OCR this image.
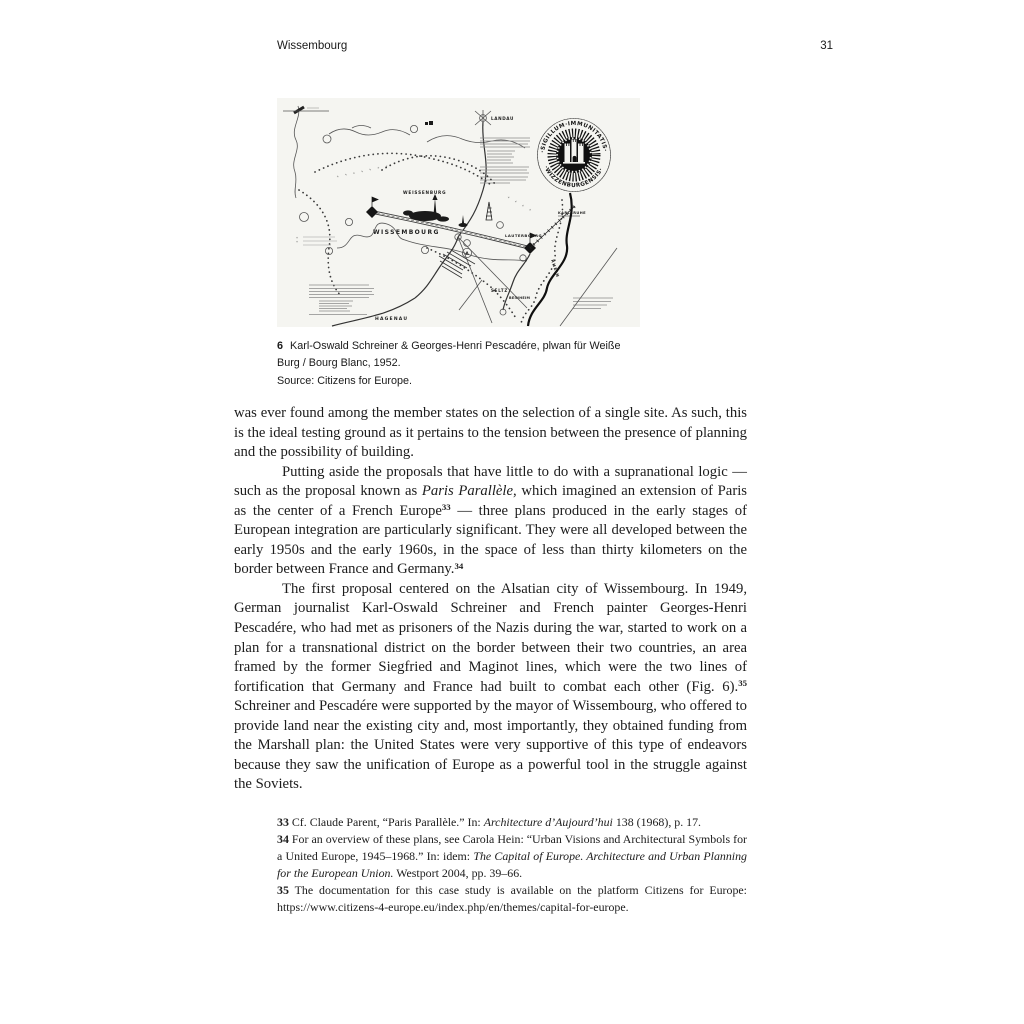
Wissembourg	31
LANDAU
+ + + + + + +
+ + + +
WEISSENBURG
WISSEMBOURG	LAUTERBOURG
A
KARLSRUHE
RHEIN
SELTZ
BEINHEIM
HAGENAU
+
+
·SIGILLUM·IMMUNITATIS·
·WIZZENBURGENSIS·
6 Karl-Oswald Schreiner & Georges-Henri Pescadére, plwan für Weiße
Burg / Bourg Blanc, 1952.
Source: Citizens for Europe.

was ever found among the member states on the selection of a single site. As such, this is the ideal testing ground as it pertains to the tension between the presence of planning and the possibility of building.

Putting aside the proposals that have little to do with a supranational logic — such as the proposal known as Paris Parallèle, which imagined an extension of Paris as the center of a French Europe$^{33}$ — three plans produced in the early stages of European integration are particularly significant. They were all developed between the early 1950s and the early 1960s, in the space of less than thirty kilometers on the border between France and Germany.$^{34}$

The first proposal centered on the Alsatian city of Wissembourg. In 1949, German journalist Karl-Oswald Schreiner and French painter Georges-Henri Pescadére, who had met as prisoners of the Nazis during the war, started to work on a plan for a transnational district on the border between their two countries, an area framed by the former Siegfried and Maginot lines, which were the two lines of fortification that Germany and France had built to combat each other (Fig. 6).$^{35}$ Schreiner and Pescadére were supported by the mayor of Wissembourg, who offered to provide land near the existing city and, most importantly, they obtained funding from the Marshall plan: the United States were very supportive of this type of endeavors because they saw the unification of Europe as a powerful tool in the struggle against the Soviets.

33 Cf. Claude Parent, “Paris Parallèle.” In: Architecture d’Aujourd’hui 138 (1968), p. 17.

34 For an overview of these plans, see Carola Hein: “Urban Visions and Architectural Symbols for a United Europe, 1945–1968.” In: idem: The Capital of Europe. Architecture and Urban Planning for the European Union. Westport 2004, pp. 39–66.

35 The documentation for this case study is available on the platform Citizens for Europe: https://www.citizens-4-europe.eu/index.php/en/themes/capital-for-europe.
